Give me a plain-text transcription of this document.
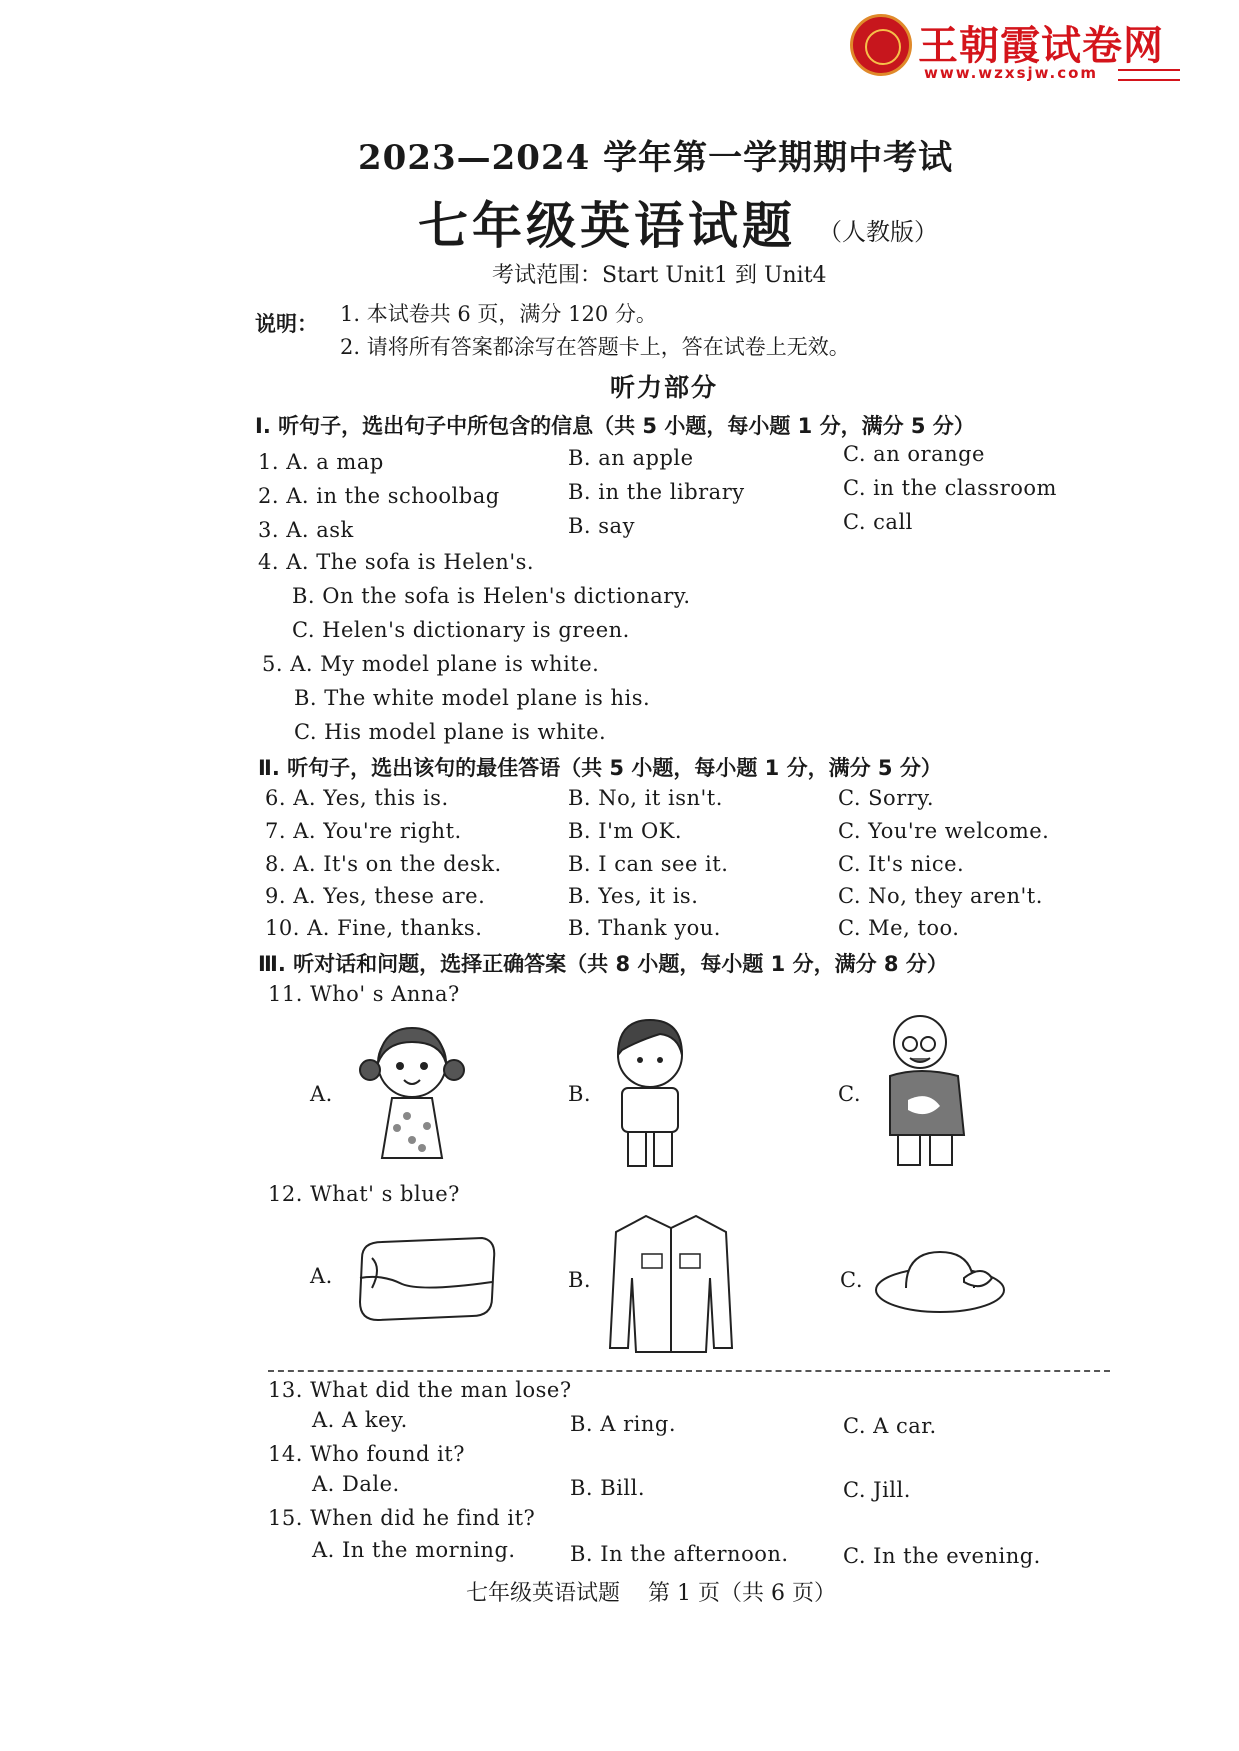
王朝霞试卷网
www.wzxsjw.com
2023—2024 学年第一学期期中考试
七年级英语试题 （人教版）
考试范围：Start Unit1 到 Unit4
说明： 1. 本试卷共 6 页，满分 120 分。
2. 请将所有答案都涂写在答题卡上，答在试卷上无效。
听力部分
Ⅰ. 听句子，选出句子中所包含的信息（共 5 小题，每小题 1 分，满分 5 分）
1. A. a map	B. an apple	C. an orange
2. A. in the schoolbag	B. in the library	C. in the classroom
3. A. ask	B. say	C. call
4. A. The sofa is Helen's.
B. On the sofa is Helen's dictionary.
C. Helen's dictionary is green.
5. A. My model plane is white.
B. The white model plane is his.
C. His model plane is white.
Ⅱ. 听句子，选出该句的最佳答语（共 5 小题，每小题 1 分，满分 5 分）
6. A. Yes, this is.	B. No, it isn't.	C. Sorry.
7. A. You're right.	B. I'm OK.	C. You're welcome.
8. A. It's on the desk.	B. I can see it.	C. It's nice.
9. A. Yes, these are.	B. Yes, it is.	C. No, they aren't.
10. A. Fine, thanks.	B. Thank you.	C. Me, too.
Ⅲ. 听对话和问题，选择正确答案（共 8 小题，每小题 1 分，满分 8 分）
11. Who' s Anna?
A.	B.	C.
12. What' s blue?
A.	B.	C.
13. What did the man lose?
A. A key.	B. A ring.	C. A car.
14. Who found it?
A. Dale.	B. Bill.	C. Jill.
15. When did he find it?
A. In the morning.	B. In the afternoon.	C. In the evening.
七年级英语试题    第 1 页（共 6 页）
